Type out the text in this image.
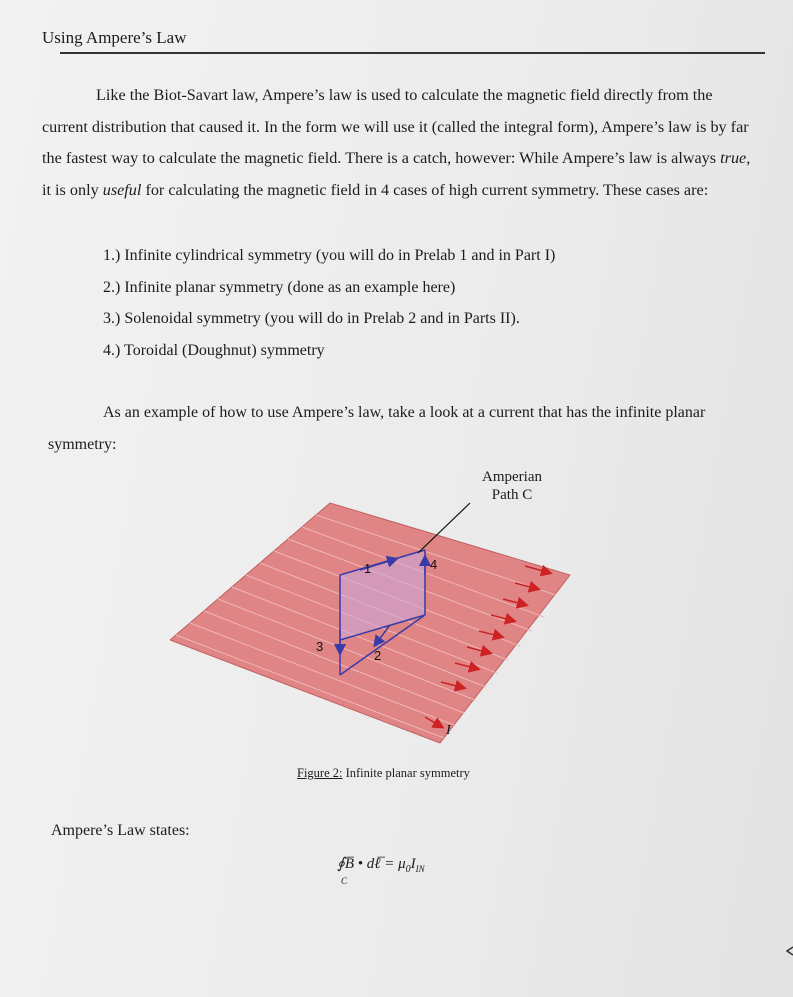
Using Ampere’s Law
Like the Biot-Savart law, Ampere’s law is used to calculate the magnetic field directly from the current distribution that caused it. In the form we will use it (called the integral form), Ampere’s law is by far the fastest way to calculate the magnetic field. There is a catch, however: While Ampere’s law is always true, it is only useful for calculating the magnetic field in 4 cases of high current symmetry. These cases are:
1.) Infinite cylindrical symmetry (you will do in Prelab 1 and in Part I)
2.) Infinite planar symmetry (done as an example here)
3.) Solenoidal symmetry (you will do in Prelab 2 and in Parts II).
4.) Toroidal (Doughnut) symmetry
As an example of how to use Ampere’s law, take a look at a current that has the infinite planar symmetry:
Amperian
Path C
1
2
3
4
I
Figure 2: Infinite planar symmetry
Ampere’s Law states:
∮B̅ • dℓ̅ = $\mu_0I_{IN}$
C
